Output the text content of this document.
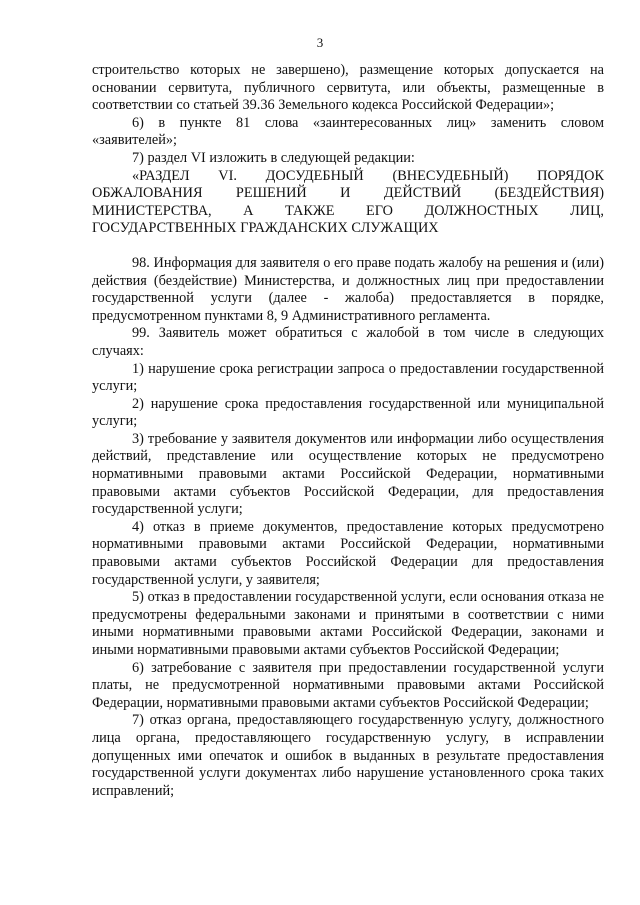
3

строительство которых не завершено), размещение которых допускается на основании сервитута, публичного сервитута, или объекты, размещенные в соответствии со статьей 39.36 Земельного кодекса Российской Федерации»;

6) в пункте 81 слова «заинтересованных лиц» заменить словом «заявителей»;

7) раздел VI изложить в следующей редакции:

«РАЗДЕЛ VI. ДОСУДЕБНЫЙ (ВНЕСУДЕБНЫЙ) ПОРЯДОК ОБЖАЛОВАНИЯ РЕШЕНИЙ И ДЕЙСТВИЙ (БЕЗДЕЙСТВИЯ) МИНИСТЕРСТВА, А ТАКЖЕ ЕГО ДОЛЖНОСТНЫХ ЛИЦ, ГОСУДАРСТВЕННЫХ ГРАЖДАНСКИХ СЛУЖАЩИХ

98. Информация для заявителя о его праве подать жалобу на решения и (или) действия (бездействие) Министерства, и должностных лиц при предоставлении государственной услуги (далее - жалоба) предоставляется в порядке, предусмотренном пунктами 8, 9 Административного регламента.

99. Заявитель может обратиться с жалобой в том числе в следующих случаях:

1) нарушение срока регистрации запроса о предоставлении государственной услуги;

2) нарушение срока предоставления государственной или муниципальной услуги;

3) требование у заявителя документов или информации либо осуществления действий, представление или осуществление которых не предусмотрено нормативными правовыми актами Российской Федерации, нормативными правовыми актами субъектов Российской Федерации, для предоставления государственной услуги;

4) отказ в приеме документов, предоставление которых предусмотрено нормативными правовыми актами Российской Федерации, нормативными правовыми актами субъектов Российской Федерации для предоставления государственной услуги, у заявителя;

5) отказ в предоставлении государственной услуги, если основания отказа не предусмотрены федеральными законами и принятыми в соответствии с ними иными нормативными правовыми актами Российской Федерации, законами и иными нормативными правовыми актами субъектов Российской Федерации;

6) затребование с заявителя при предоставлении государственной услуги платы, не предусмотренной нормативными правовыми актами Российской Федерации, нормативными правовыми актами субъектов Российской Федерации;

7) отказ органа, предоставляющего государственную услугу, должностного лица органа, предоставляющего государственную услугу, в исправлении допущенных ими опечаток и ошибок в выданных в результате предоставления государственной услуги документах либо нарушение установленного срока таких исправлений;
